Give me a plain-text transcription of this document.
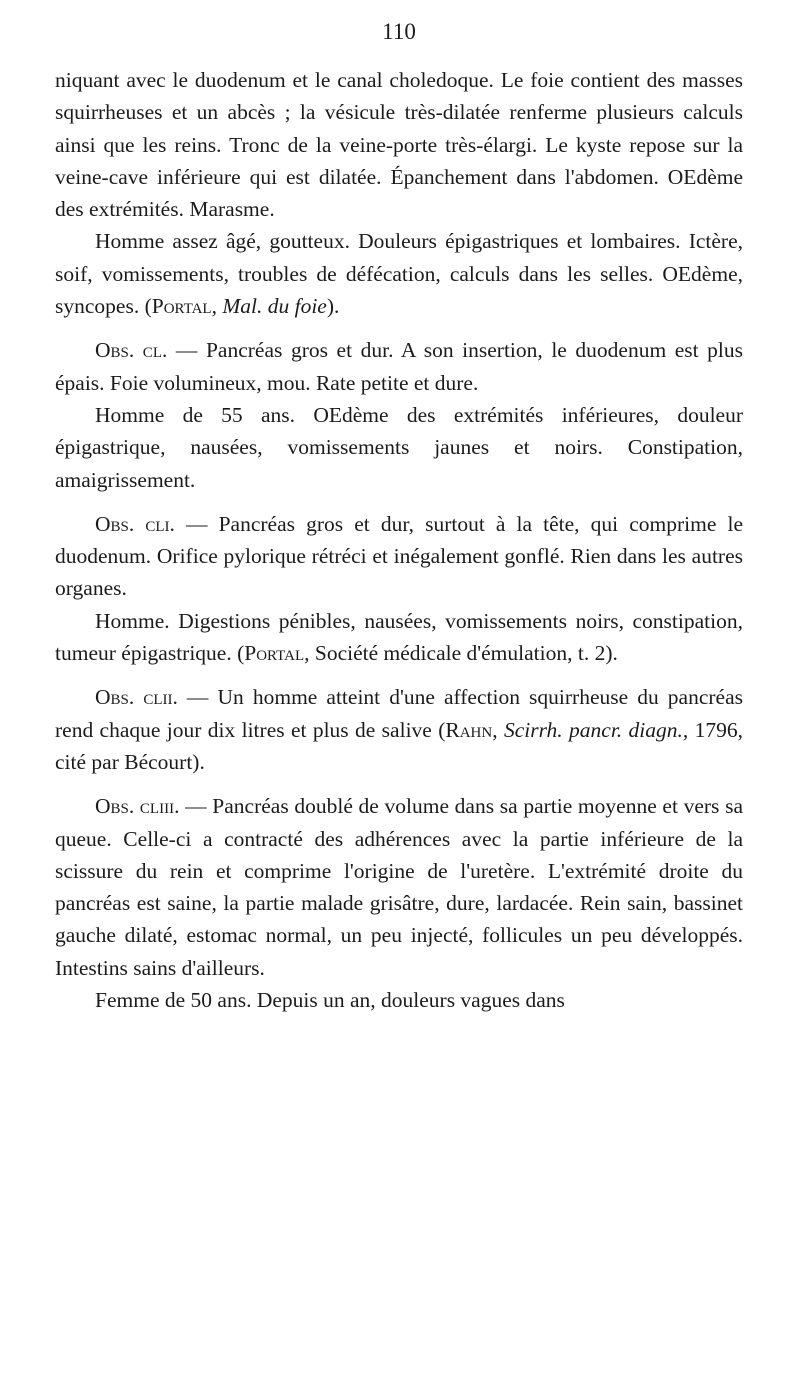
110

niquant avec le duodenum et le canal choledoque. Le foie contient des masses squirrheuses et un abcès ; la vésicule très-dilatée renferme plusieurs calculs ainsi que les reins. Tronc de la veine-porte très-élargi. Le kyste repose sur la veine-cave inférieure qui est dilatée. Épanchement dans l'abdomen. OEdème des extrémités. Marasme.

Homme assez âgé, goutteux. Douleurs épigastriques et lombaires. Ictère, soif, vomissements, troubles de défécation, calculs dans les selles. OEdème, syncopes. (Portal, Mal. du foie).

Obs. cl. — Pancréas gros et dur. A son insertion, le duodenum est plus épais. Foie volumineux, mou. Rate petite et dure.

Homme de 55 ans. OEdème des extrémités inférieures, douleur épigastrique, nausées, vomissements jaunes et noirs. Constipation, amaigrissement.

Obs. cli. — Pancréas gros et dur, surtout à la tête, qui comprime le duodenum. Orifice pylorique rétréci et inégalement gonflé. Rien dans les autres organes.

Homme. Digestions pénibles, nausées, vomissements noirs, constipation, tumeur épigastrique. (Portal, Société médicale d'émulation, t. 2).

Obs. clii. — Un homme atteint d'une affection squirrheuse du pancréas rend chaque jour dix litres et plus de salive (Rahn, Scirrh. pancr. diagn., 1796, cité par Bécourt).

Obs. cliii. — Pancréas doublé de volume dans sa partie moyenne et vers sa queue. Celle-ci a contracté des adhérences avec la partie inférieure de la scissure du rein et comprime l'origine de l'uretère. L'extrémité droite du pancréas est saine, la partie malade grisâtre, dure, lardacée. Rein sain, bassinet gauche dilaté, estomac normal, un peu injecté, follicules un peu développés. Intestins sains d'ailleurs.

Femme de 50 ans. Depuis un an, douleurs vagues dans
